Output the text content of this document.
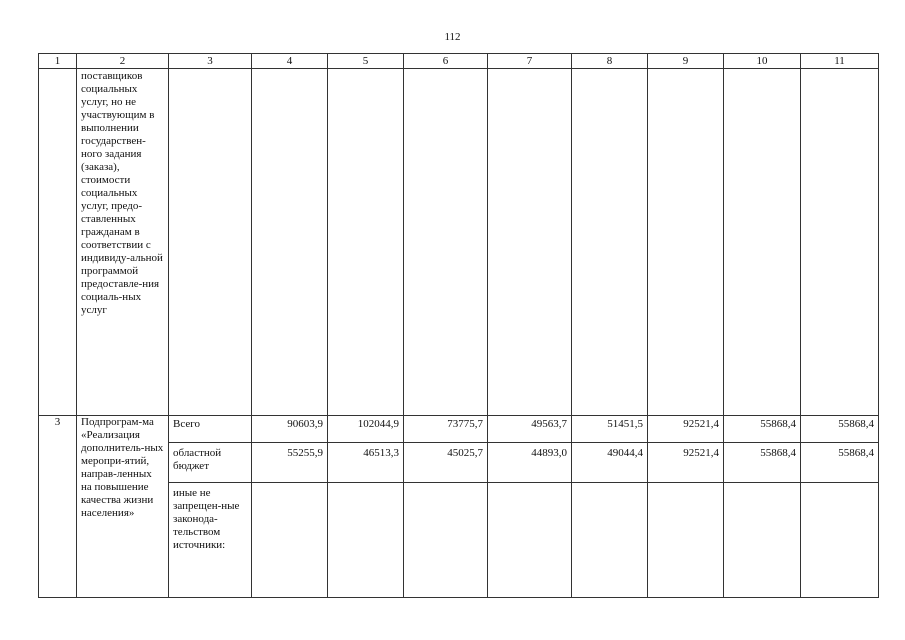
112
1	2	3	4	5	6	7	8	9	10	11
	поставщиков социальных услуг, но не участвующим в выполнении государствен-ного задания (заказа), стоимости социальных услуг, предо-ставленных гражданам в соответствии с индивиду-альной программой предоставле-ния социаль-ных услуг									
3	Подпрограм-ма «Реализация дополнитель-ных меропри-ятий, направ-ленных на повышение качества жизни населения»	Всего	90603,9	102044,9	73775,7	49563,7	51451,5	92521,4	55868,4	55868,4
		областной бюджет	55255,9	46513,3	45025,7	44893,0	49044,4	92521,4	55868,4	55868,4
		иные не запрещен-ные законода-тельством источники:								
